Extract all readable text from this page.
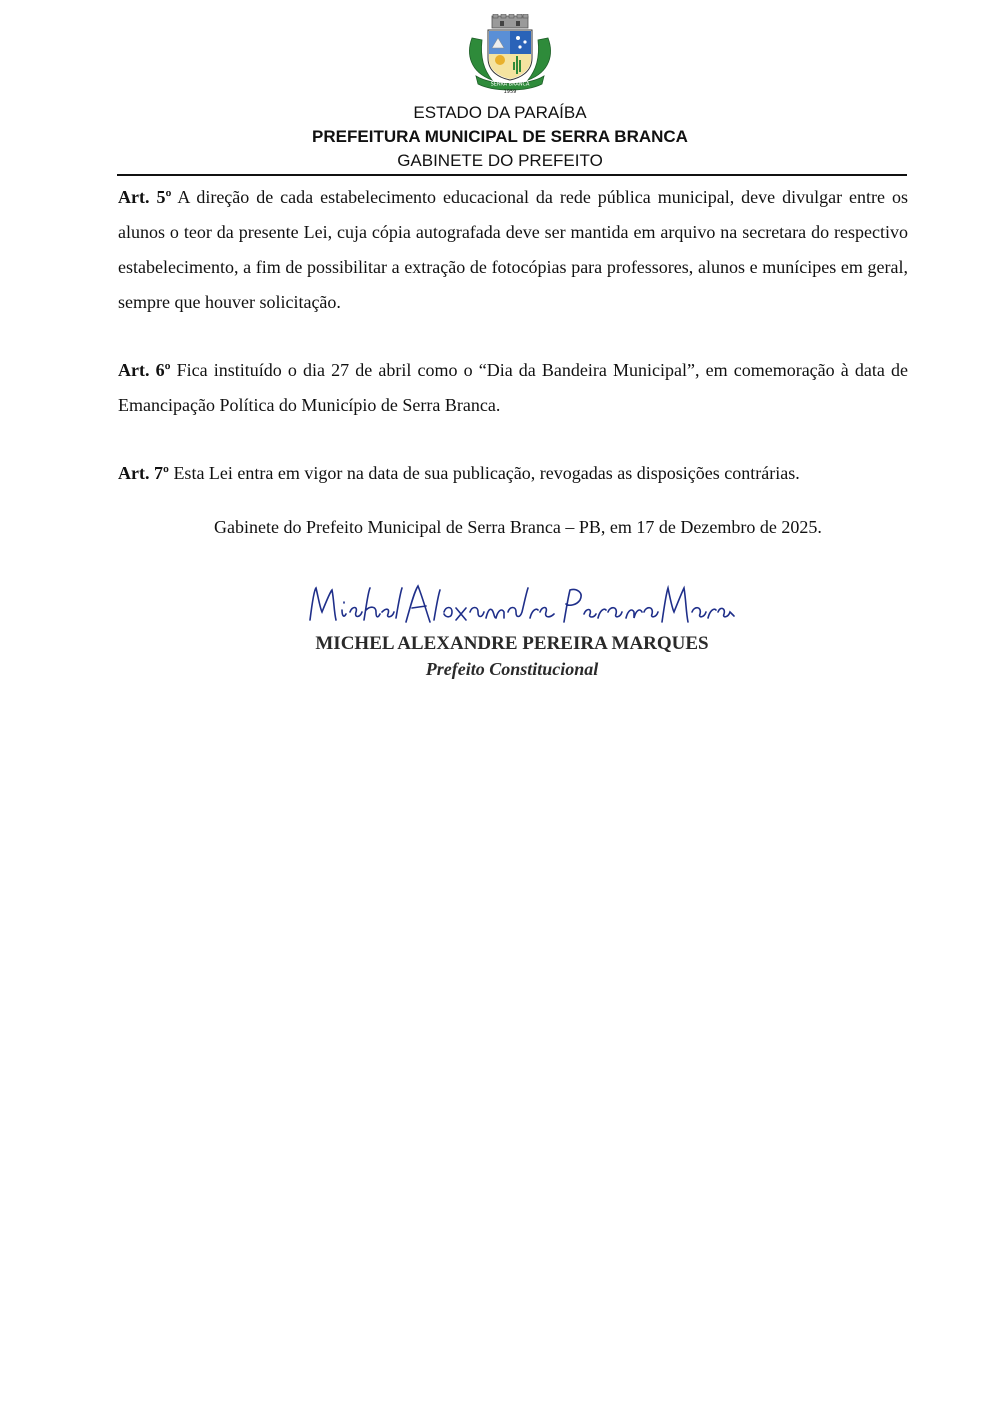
SERRA BRANCA
1959
ESTADO DA PARAÍBA
PREFEITURA MUNICIPAL DE SERRA BRANCA
GABINETE DO PREFEITO

Art. 5º A direção de cada estabelecimento educacional da rede pública municipal, deve divulgar entre os alunos o teor da presente Lei, cuja cópia autografada deve ser mantida em arquivo na secretara do respectivo estabelecimento, a fim de possibilitar a extração de fotocópias para professores, alunos e munícipes em geral, sempre que houver solicitação.

Art. 6º Fica instituído o dia 27 de abril como o “Dia da Bandeira Municipal”, em comemoração à data de Emancipação Política do Município de Serra Branca.

Art. 7º Esta Lei entra em vigor na data de sua publicação, revogadas as disposições contrárias.

Gabinete do Prefeito Municipal de Serra Branca – PB, em 17 de Dezembro de 2025.
MICHEL ALEXANDRE PEREIRA MARQUES
Prefeito Constitucional
